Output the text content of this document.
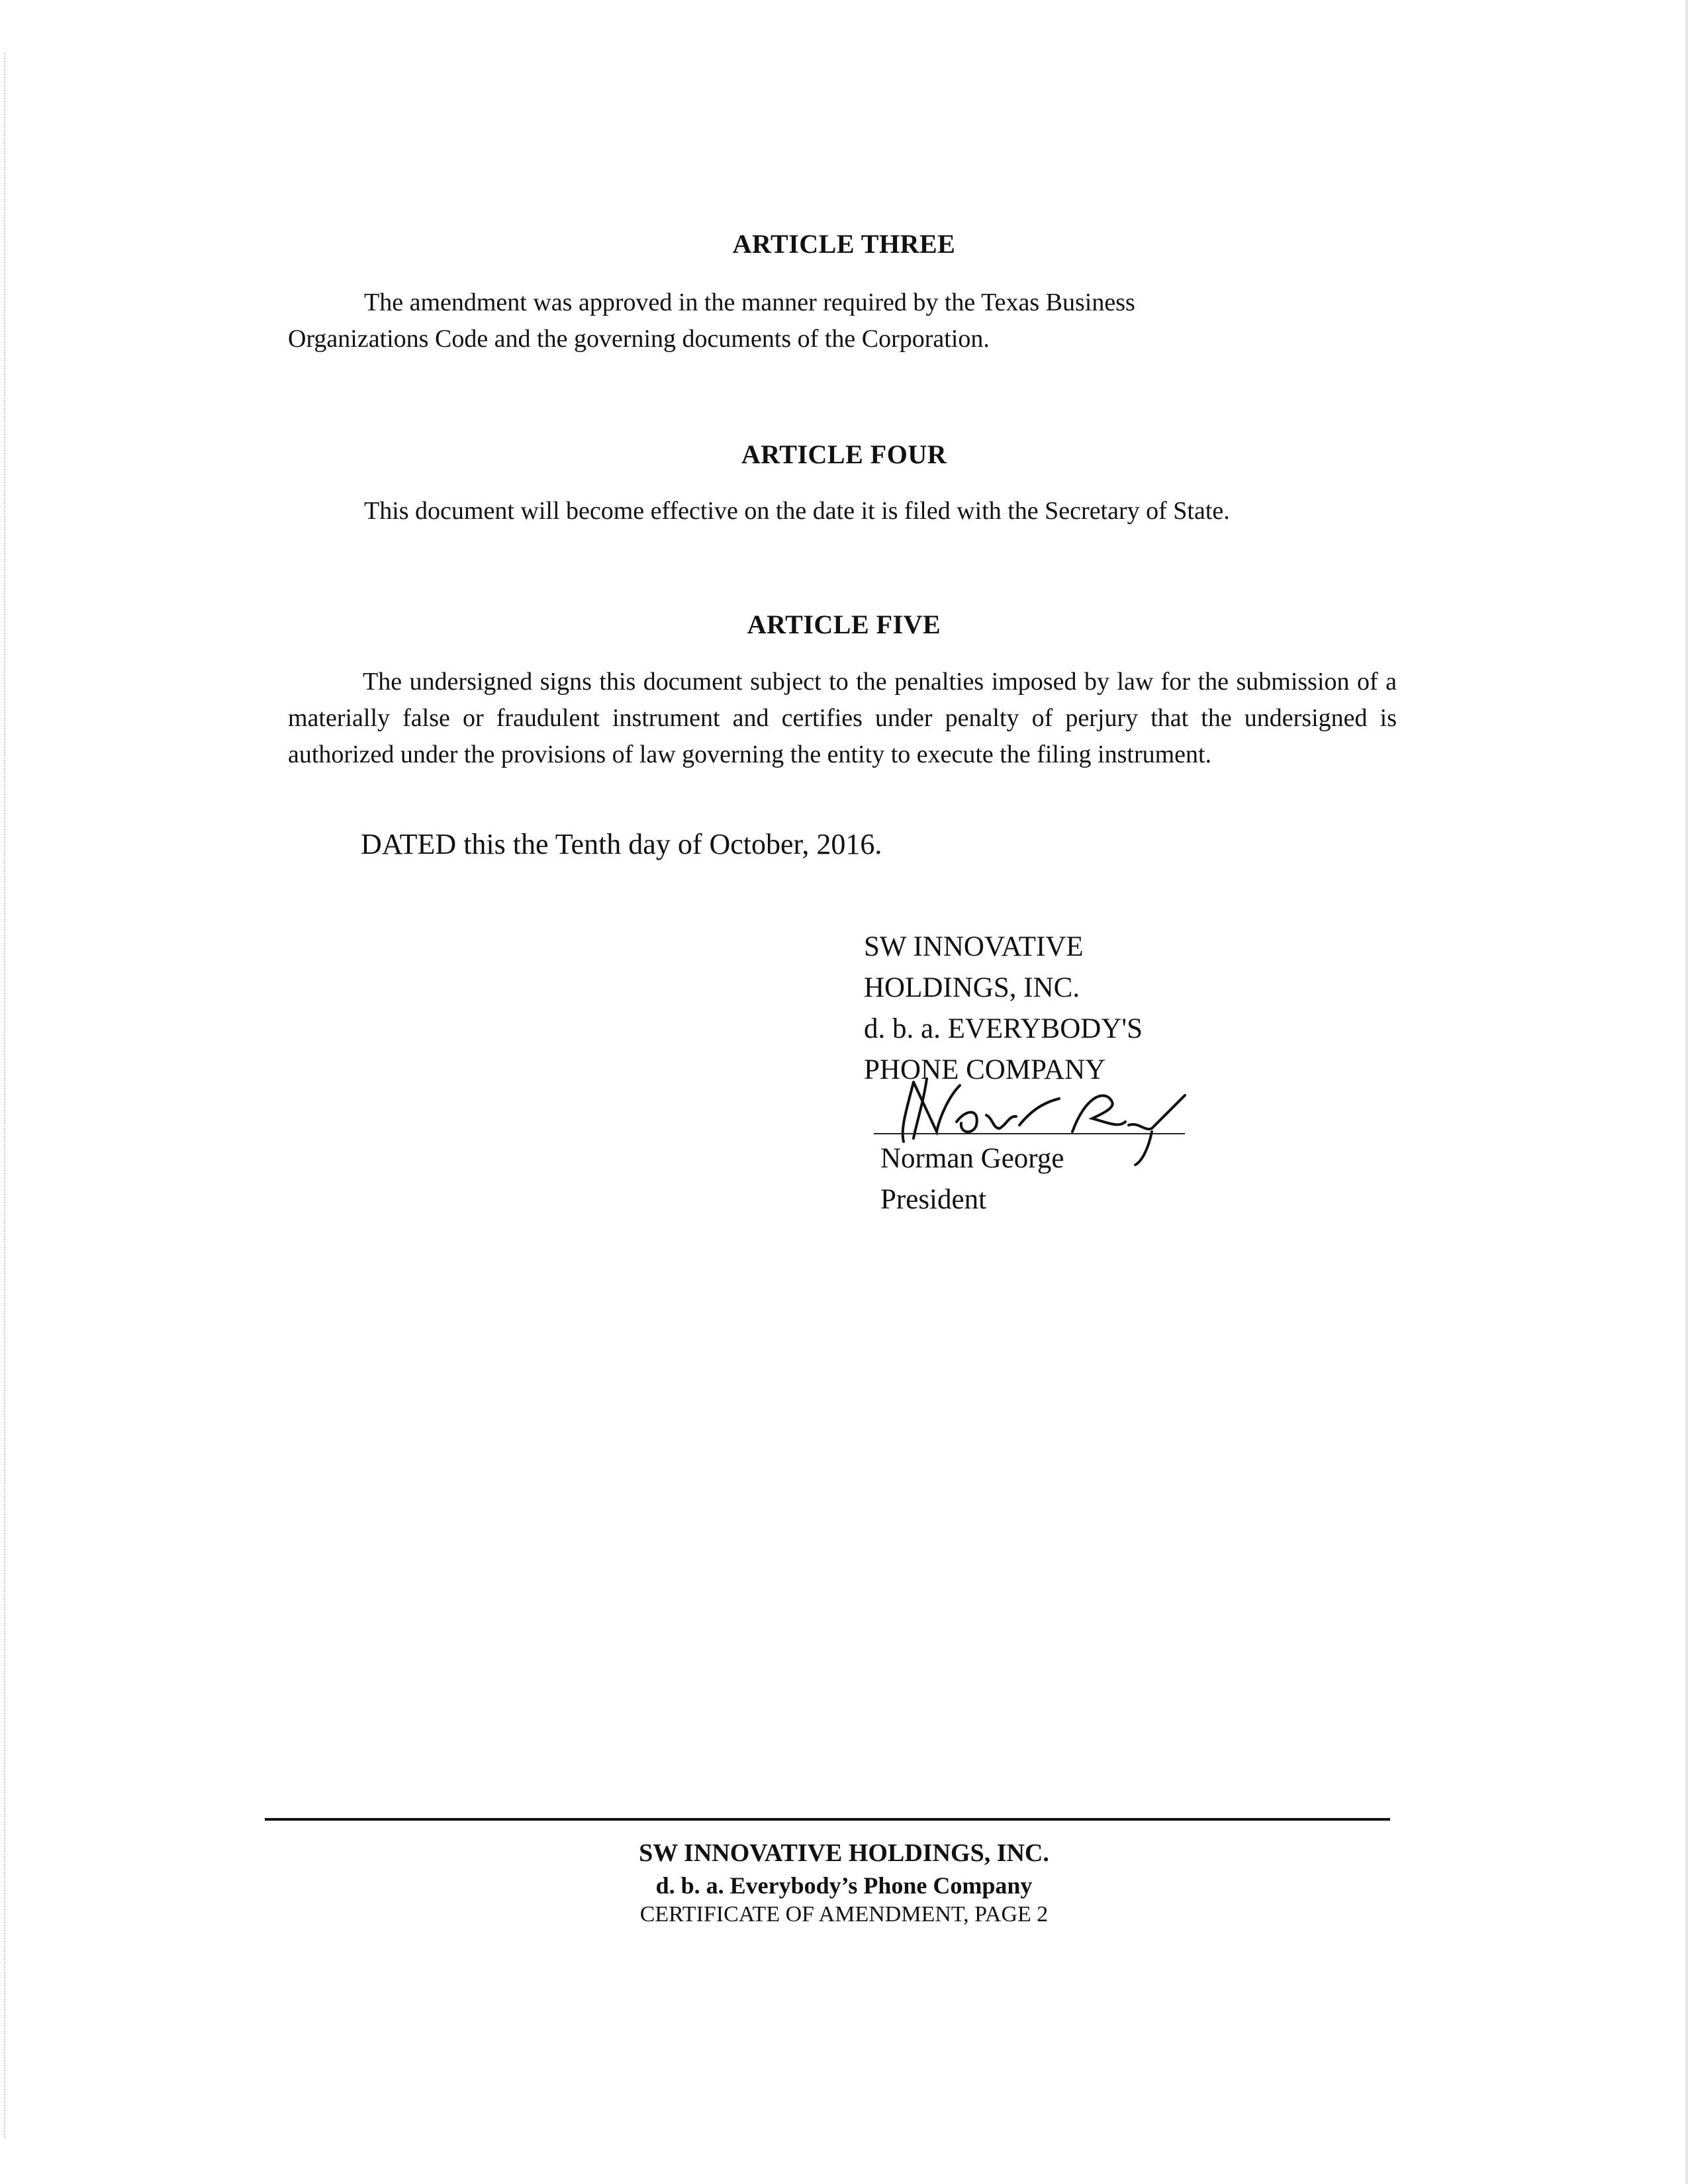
ARTICLE THREE
The amendment was approved in the manner required by the Texas Business
Organizations Code and the governing documents of the Corporation.
ARTICLE FOUR
This document will become effective on the date it is filed with the Secretary of State.
ARTICLE FIVE
The undersigned signs this document subject to the penalties imposed by law for the submission of a materially false or fraudulent instrument and certifies under penalty of perjury that the undersigned is authorized under the provisions of law governing the entity to execute the filing instrument.
DATED this the Tenth day of October, 2016.
SW INNOVATIVE
HOLDINGS, INC.
d. b. a. EVERYBODY'S
PHONE COMPANY
Norman George
President
SW INNOVATIVE HOLDINGS, INC.
d. b. a. Everybody’s Phone Company
CERTIFICATE OF AMENDMENT, PAGE 2
